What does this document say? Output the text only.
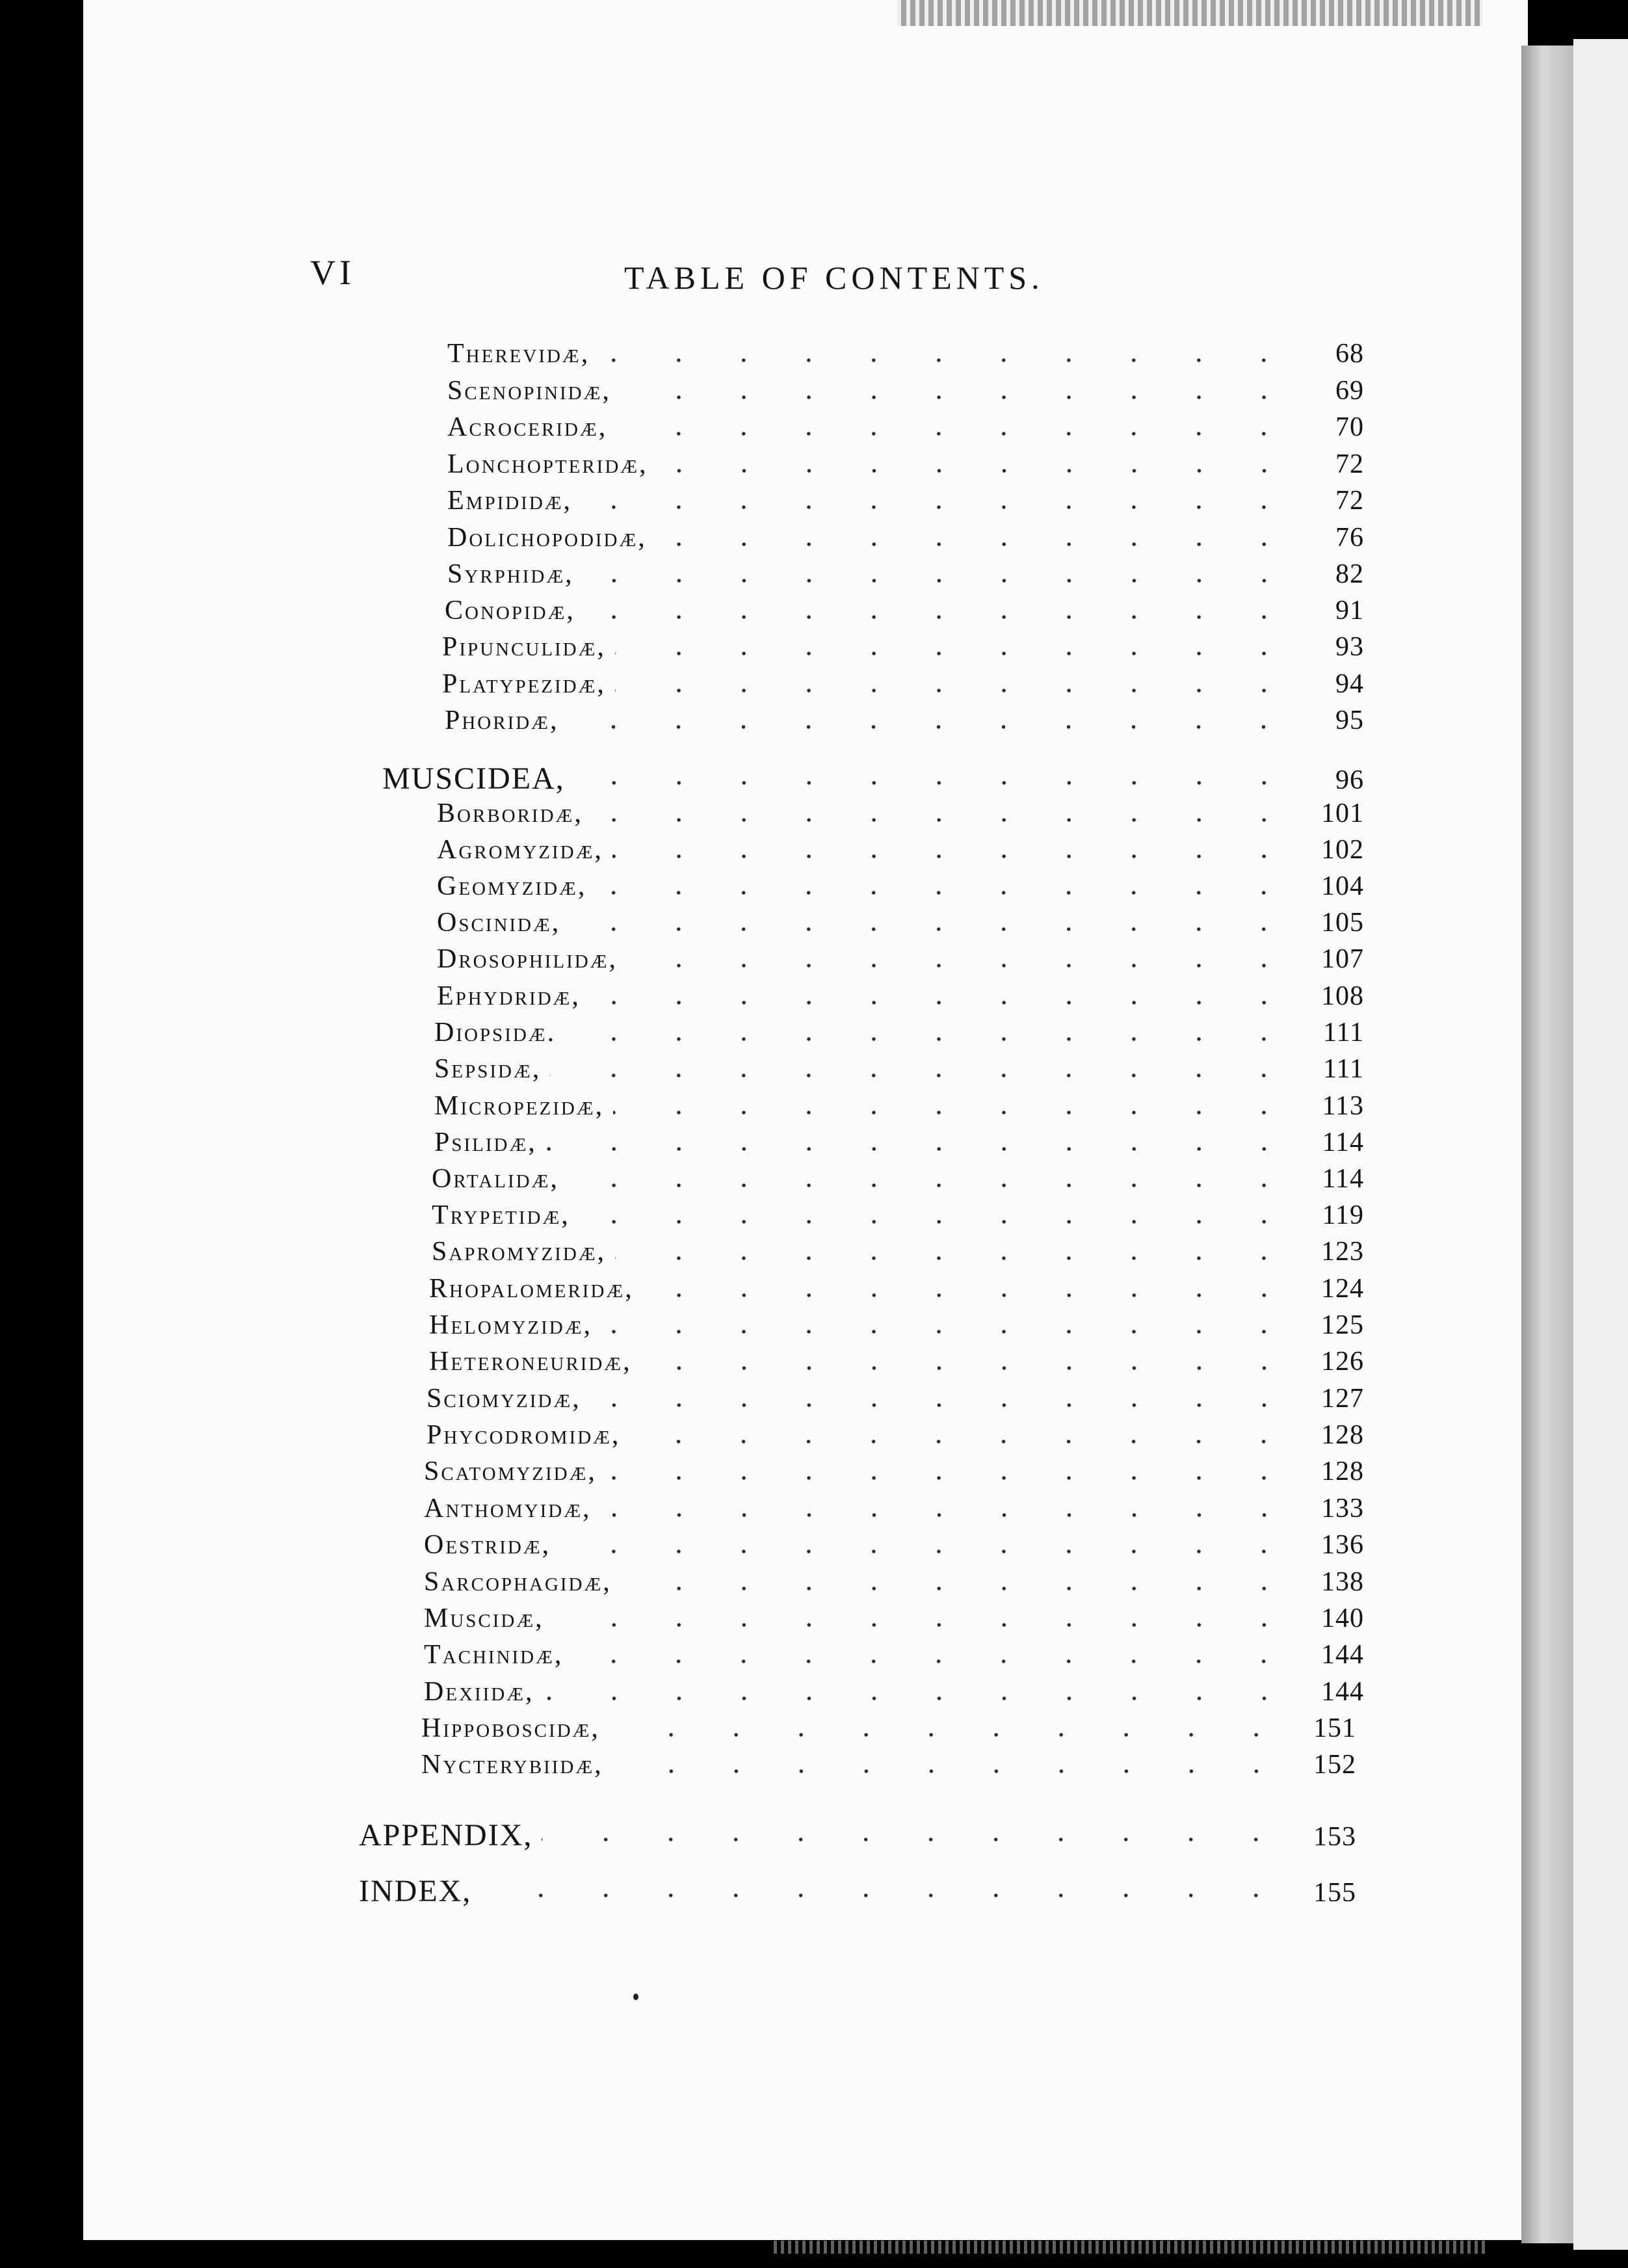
VI	TABLE OF CONTENTS.
Therevidæ,	68
Scenopinidæ,	69
Acroceridæ,	70
Lonchopteridæ,	72
Empididæ,	72
Dolichopodidæ,	76
Syrphidæ,	82
Conopidæ,	91
Pipunculidæ,	93
Platypezidæ,	94
Phoridæ,	95
MUSCIDEA,	96
Borboridæ,	101
Agromyzidæ,	102
Geomyzidæ,	104
Oscinidæ,	105
Drosophilidæ,	107
Ephydridæ,	108
Diopsidæ.	111
Sepsidæ,	111
Micropezidæ,	113
Psilidæ,	114
Ortalidæ,	114
Trypetidæ,	119
Sapromyzidæ,	123
Rhopalomeridæ,	124
Helomyzidæ,	125
Heteroneuridæ,	126
Sciomyzidæ,	127
Phycodromidæ,	128
Scatomyzidæ,	128
Anthomyidæ,	133
Oestridæ,	136
Sarcophagidæ,	138
Muscidæ,	140
Tachinidæ,	144
Dexiidæ,	144
Hippoboscidæ,	151
Nycterybiidæ,	152
APPENDIX,	153
INDEX,	155
